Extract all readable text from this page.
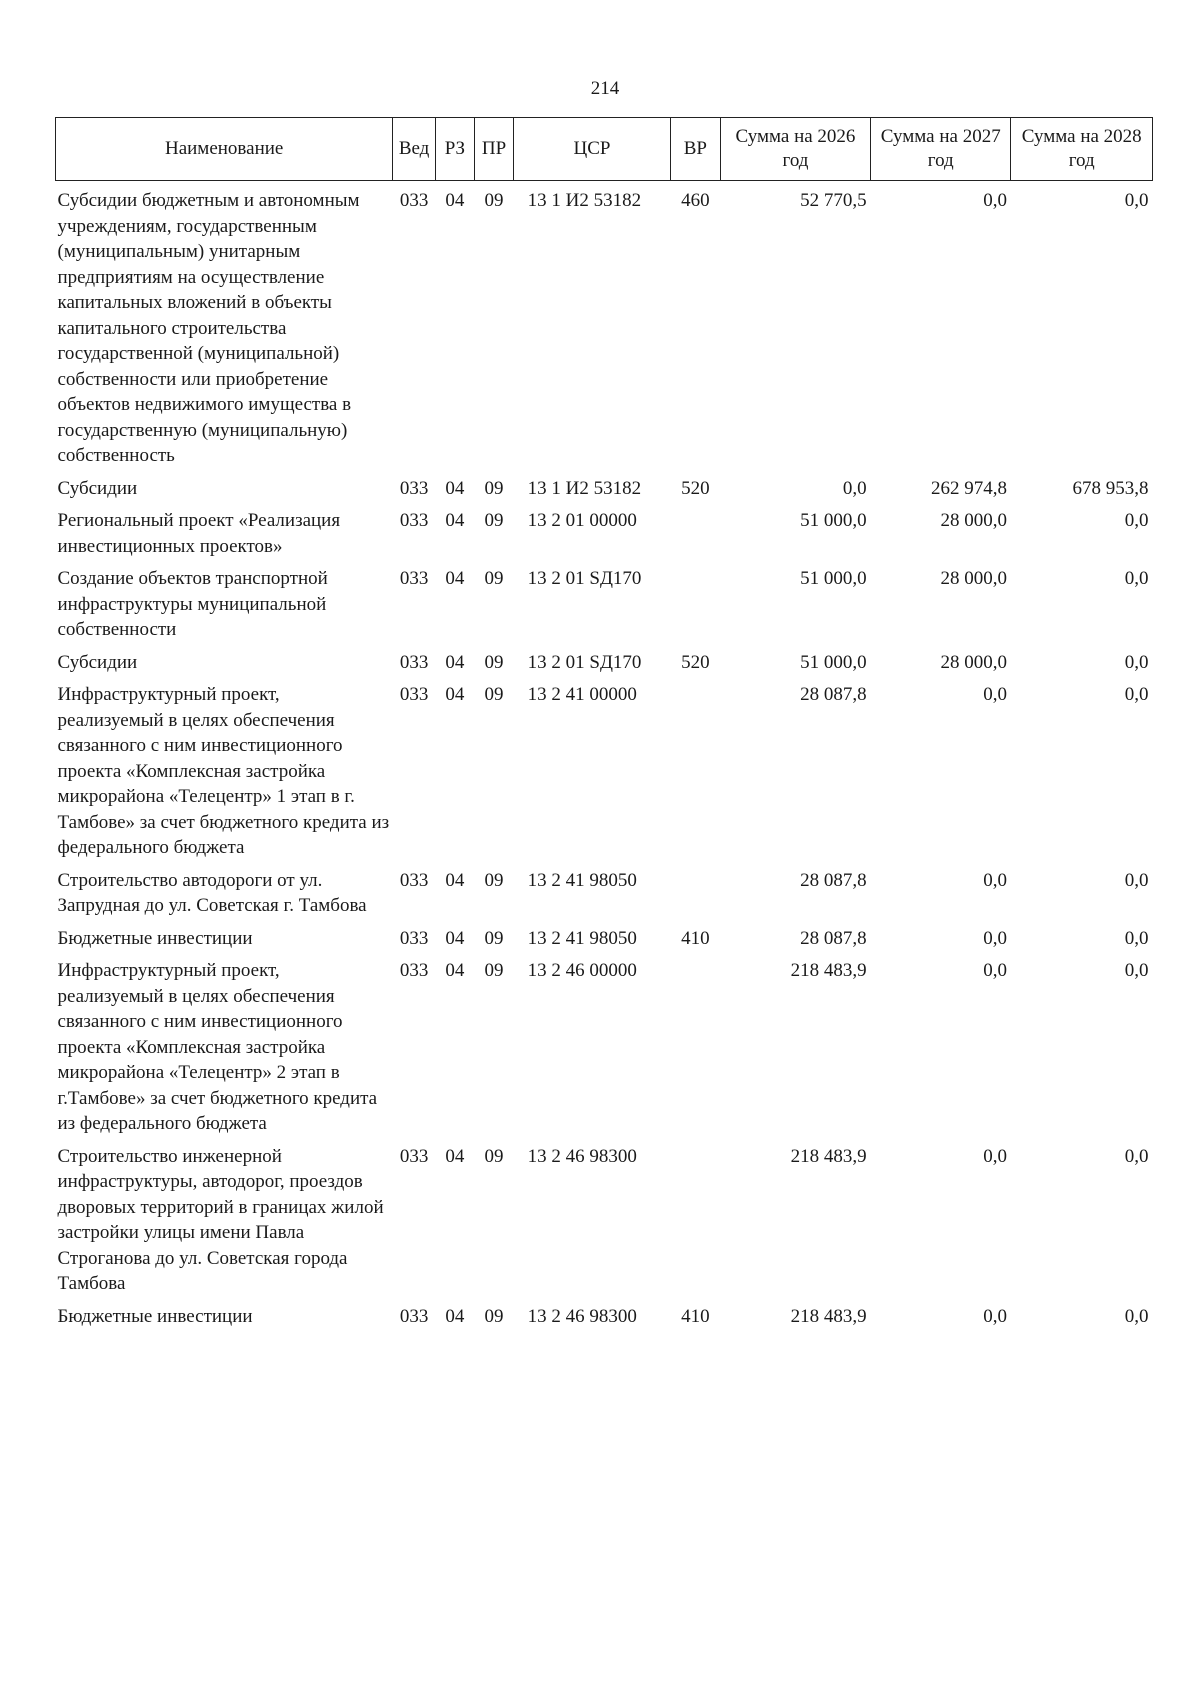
214
Наименование	Вед	РЗ	ПР	ЦСР	ВР	Сумма на 2026 год	Сумма на 2027 год	Сумма на 2028 год
Субсидии бюджетным и автономным учреждениям, государственным (муниципальным) унитарным предприятиям на осуществление капитальных вложений в объекты капитального строительства государственной (муниципальной) собственности или приобретение объектов недвижимого имущества в государственную (муниципальную) собственность	033	04	09	13 1 И2 53182	460	52 770,5	0,0	0,0
Субсидии	033	04	09	13 1 И2 53182	520	0,0	262 974,8	678 953,8
Региональный проект «Реализация инвестиционных проектов»	033	04	09	13 2 01 00000		51 000,0	28 000,0	0,0
Создание объектов транспортной инфраструктуры муниципальной собственности	033	04	09	13 2 01 SД170		51 000,0	28 000,0	0,0
Субсидии	033	04	09	13 2 01 SД170	520	51 000,0	28 000,0	0,0
Инфраструктурный проект, реализуемый в целях обеспечения связанного с ним инвестиционного проекта «Комплексная застройка микрорайона «Телецентр» 1 этап в г. Тамбове» за счет бюджетного кредита из федерального бюджета	033	04	09	13 2 41 00000		28 087,8	0,0	0,0
Строительство автодороги от ул. Запрудная до ул. Советская г. Тамбова	033	04	09	13 2 41 98050		28 087,8	0,0	0,0
Бюджетные инвестиции	033	04	09	13 2 41 98050	410	28 087,8	0,0	0,0
Инфраструктурный проект, реализуемый в целях обеспечения связанного с ним инвестиционного проекта «Комплексная застройка микрорайона «Телецентр» 2 этап в г.Тамбове» за счет бюджетного кредита из федерального бюджета	033	04	09	13 2 46 00000		218 483,9	0,0	0,0
Строительство инженерной инфраструктуры, автодорог, проездов дворовых территорий в границах жилой застройки улицы имени Павла Строганова до ул. Советская города Тамбова	033	04	09	13 2 46 98300		218 483,9	0,0	0,0
Бюджетные инвестиции	033	04	09	13 2 46 98300	410	218 483,9	0,0	0,0
